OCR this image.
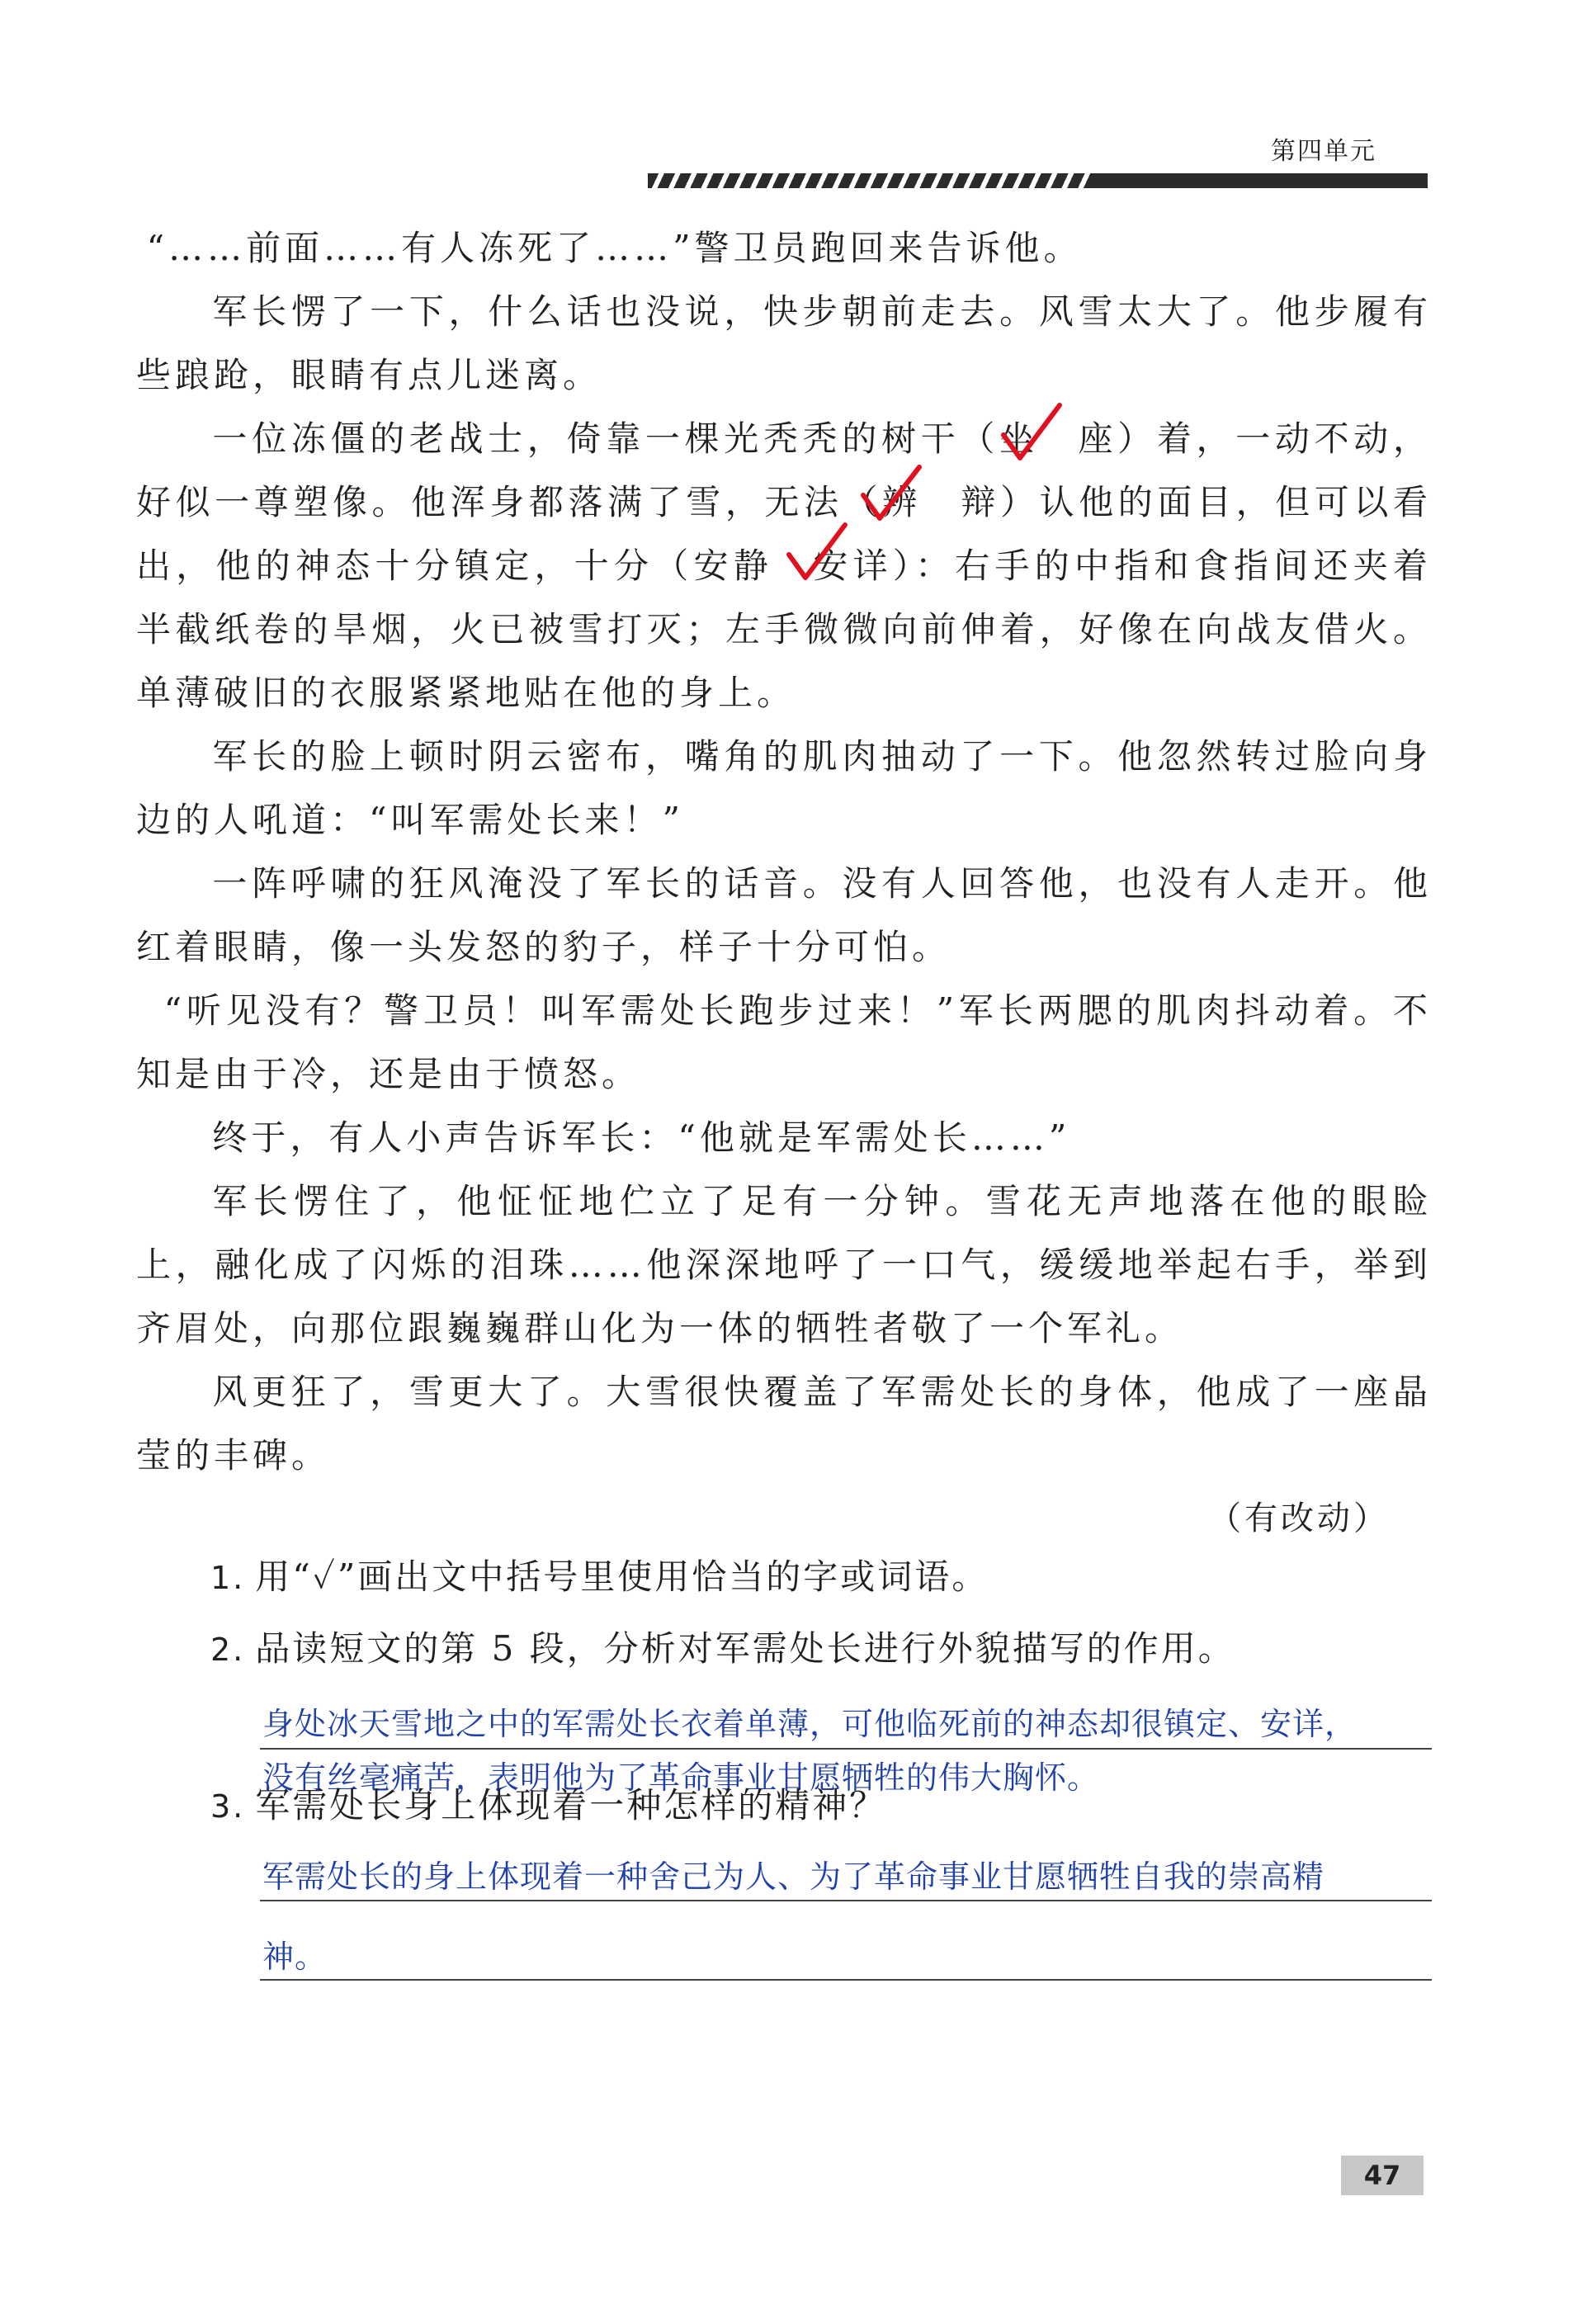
第四单元

“……前面……有人冻死了……”警卫员跑回来告诉他。

军长愣了一下，什么话也没说，快步朝前走去。风雪太大了。他步履有些踉跄，眼睛有点儿迷离。

一位冻僵的老战士，倚靠一棵光秃秃的树干（坐　座）着，一动不动，好似一尊塑像。他浑身都落满了雪，无法（辨　辩）认他的面目，但可以看出，他的神态十分镇定，十分（安静　安详）：右手的中指和食指间还夹着半截纸卷的旱烟，火已被雪打灭；左手微微向前伸着，好像在向战友借火。单薄破旧的衣服紧紧地贴在他的身上。

军长的脸上顿时阴云密布，嘴角的肌肉抽动了一下。他忽然转过脸向身边的人吼道：“叫军需处长来！”

一阵呼啸的狂风淹没了军长的话音。没有人回答他，也没有人走开。他红着眼睛，像一头发怒的豹子，样子十分可怕。

“听见没有？警卫员！叫军需处长跑步过来！”军长两腮的肌肉抖动着。不知是由于冷，还是由于愤怒。

终于，有人小声告诉军长：“他就是军需处长……”

军长愣住了，他怔怔地伫立了足有一分钟。雪花无声地落在他的眼睑上，融化成了闪烁的泪珠……他深深地呼了一口气，缓缓地举起右手，举到齐眉处，向那位跟巍巍群山化为一体的牺牲者敬了一个军礼。

风更狂了，雪更大了。大雪很快覆盖了军需处长的身体，他成了一座晶莹的丰碑。

（有改动）
1. 用“✓”画出文中括号里使用恰当的字或词语。
2. 品读短文的第 5 段，分析对军需处长进行外貌描写的作用。
身处冰天雪地之中的军需处长衣着单薄，可他临死前的神态却很镇定、安详，
没有丝毫痛苦，表明他为了革命事业甘愿牺牲的伟大胸怀。
3. 军需处长身上体现着一种怎样的精神？
军需处长的身上体现着一种舍己为人、为了革命事业甘愿牺牲自我的崇高精
神。
47
